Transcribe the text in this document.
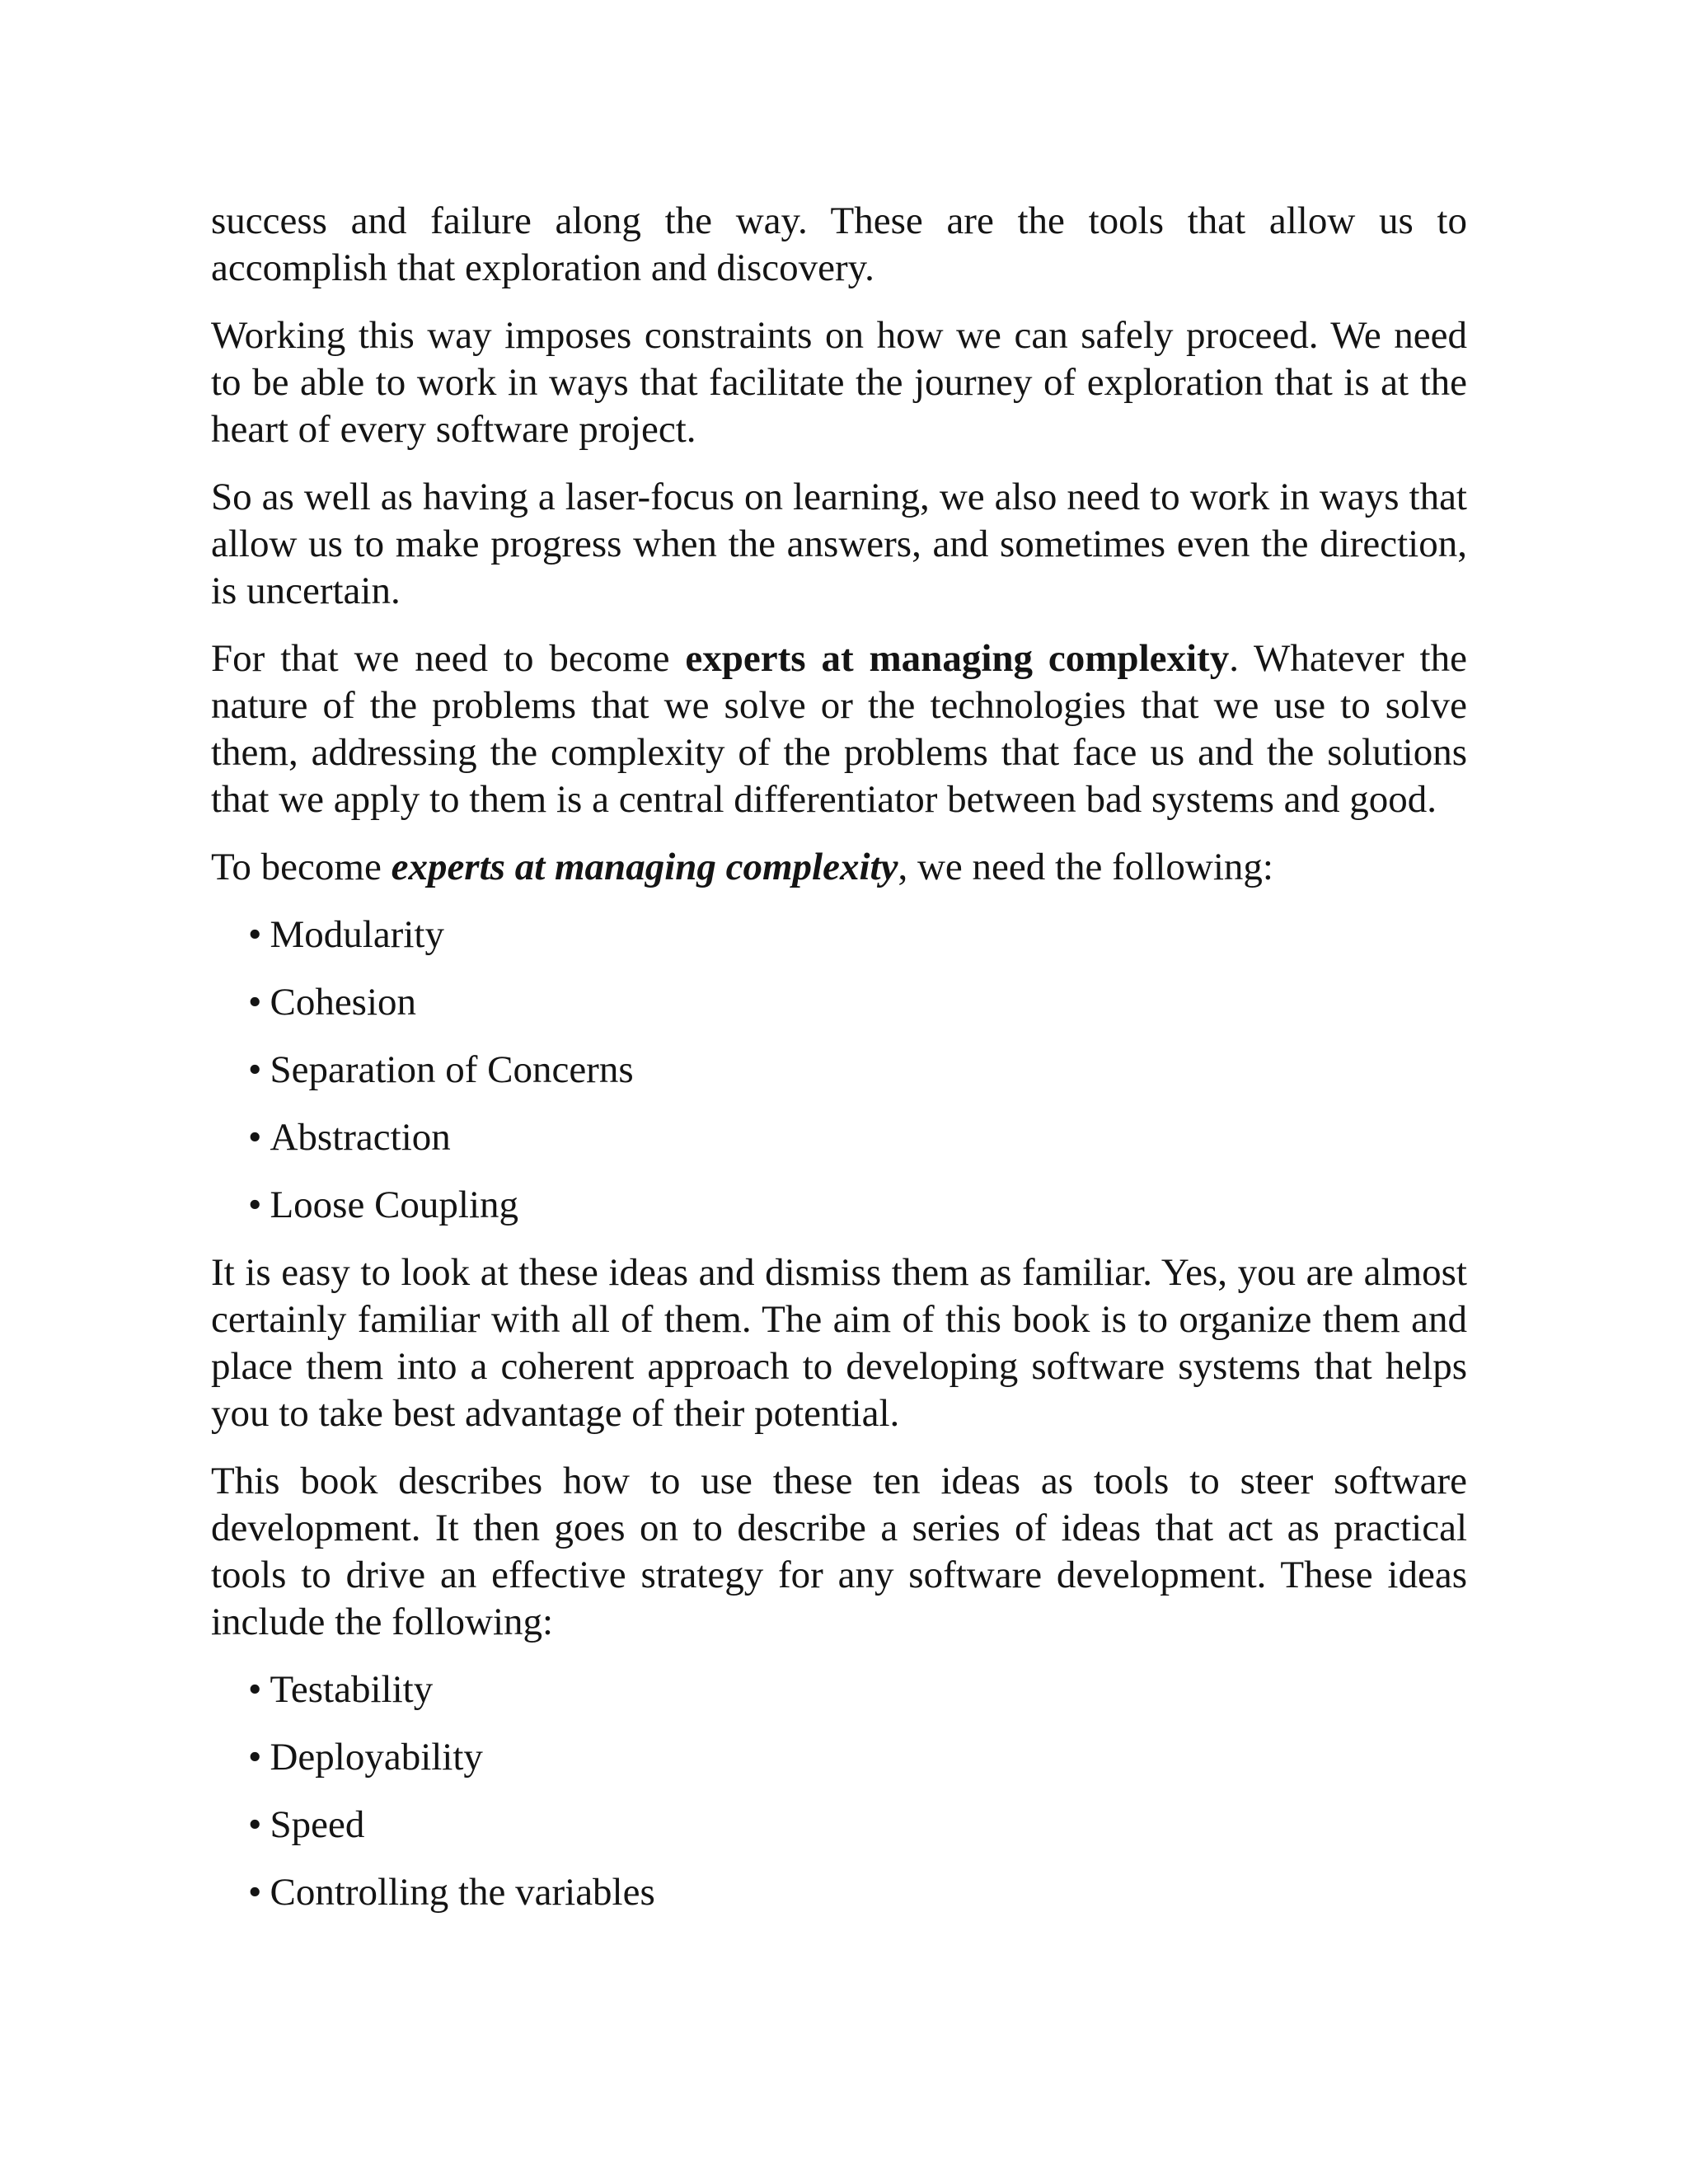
success and failure along the way. These are the tools that allow us to accomplish that exploration and discovery.

Working this way imposes constraints on how we can safely proceed. We need to be able to work in ways that facilitate the journey of exploration that is at the heart of every software project.

So as well as having a laser-focus on learning, we also need to work in ways that allow us to make progress when the answers, and sometimes even the direction, is uncertain.

For that we need to become experts at managing complexity. Whatever the nature of the problems that we solve or the technologies that we use to solve them, addressing the complexity of the problems that face us and the solutions that we apply to them is a central differentiator between bad systems and good.

To become experts at managing complexity, we need the following:

• Modularity
• Cohesion
• Separation of Concerns
• Abstraction
• Loose Coupling

It is easy to look at these ideas and dismiss them as familiar. Yes, you are almost certainly familiar with all of them. The aim of this book is to organize them and place them into a coherent approach to developing software systems that helps you to take best advantage of their potential.

This book describes how to use these ten ideas as tools to steer software development. It then goes on to describe a series of ideas that act as practical tools to drive an effective strategy for any software development. These ideas include the following:

• Testability
• Deployability
• Speed
• Controlling the variables
